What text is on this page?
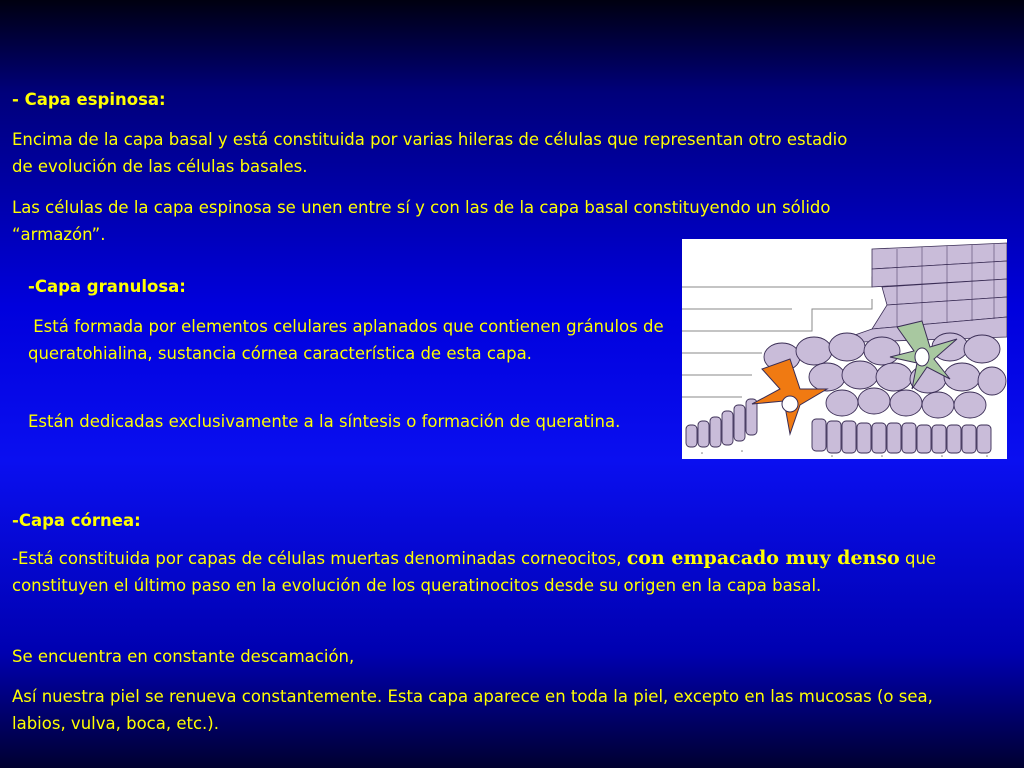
- Capa espinosa:

Encima de la capa basal y está constituida por varias hileras de células que representan otro estadio de evolución de las células basales.

Las células de la capa espinosa se unen entre sí y con las de la capa basal constituyendo un sólido “armazón”.

-Capa granulosa:

Está formada por elementos celulares aplanados que contienen gránulos de queratohialina, sustancia córnea característica de esta capa.

Están dedicadas exclusivamente a la síntesis o formación de queratina.

-Capa córnea:

-Está constituida por capas de células muertas denominadas corneocitos, con empacado muy denso que constituyen el último paso en la evolución de los queratinocitos desde su origen en la capa basal.

Se encuentra en constante descamación,

Así nuestra piel se renueva constantemente. Esta capa aparece en toda la piel, excepto en las mucosas (o sea, labios, vulva, boca, etc.).
